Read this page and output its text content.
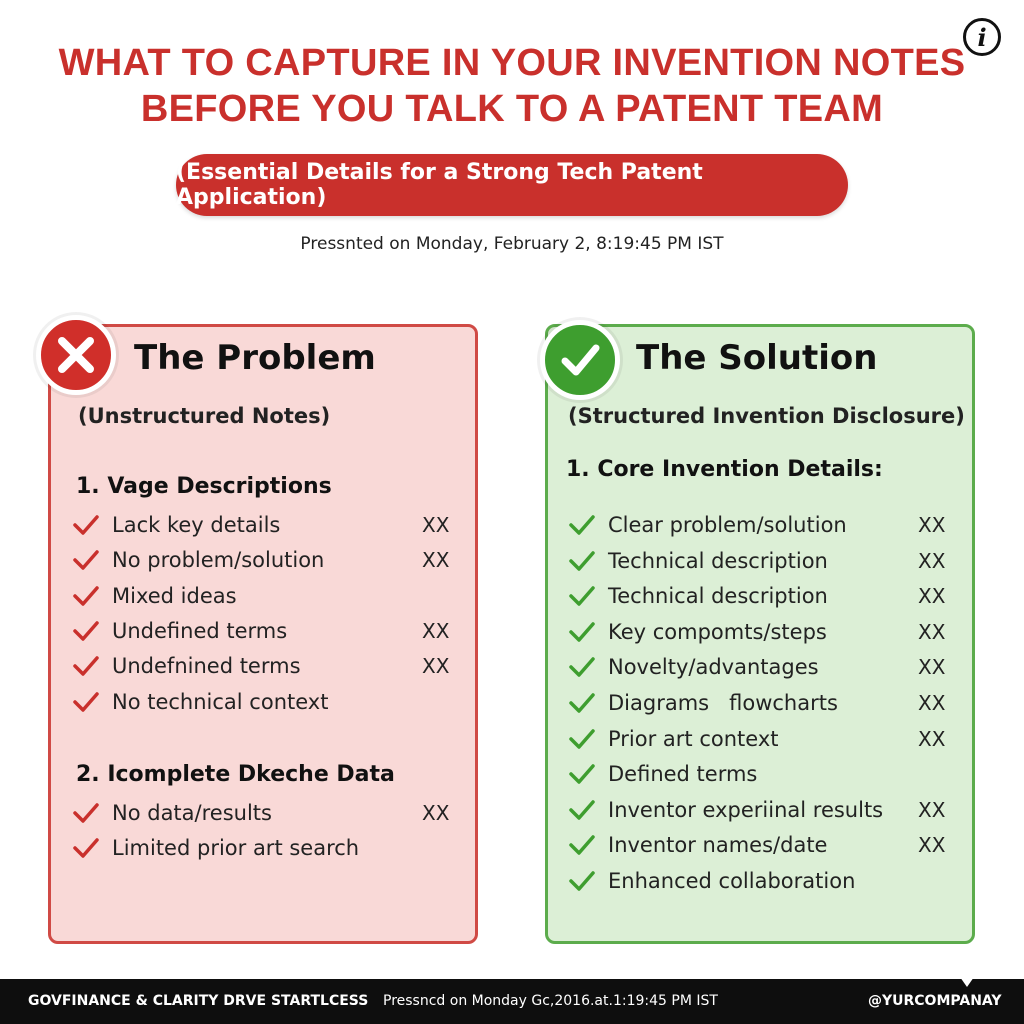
i
WHAT TO CAPTURE IN YOUR INVENTION NOTES
BEFORE YOU TALK TO A PATENT TEAM
(Essential Details for a Strong Tech Patent Application)
Pressnted on Monday, February 2, 8:19:45 PM IST
The Problem
(Unstructured Notes)
1. Vage Descriptions
2. Icomplete Dkeche Data
Lack key details	XX
No problem/solution	XX
Mixed ideas
Undefined terms	XX
Undefnined terms	XX
No technical context
No data/results	XX
Limited prior art search
The Solution
(Structured Invention Disclosure)
1. Core Invention Details:
Clear problem/solution	XX
Technical description	XX
Technical description	XX
Key compomts/steps	XX
Novelty/advantages	XX
Diagrams   flowcharts	XX
Prior art context	XX
Defined terms
Inventor experiinal results XX
Inventor names/date	XX
Enhanced collaboration
GOVFINANCE & CLARITY DRVE STARTLCESS Pressncd on Monday Gc,2016.at.1:19:45 PM IST	@YURCOMPANAY
